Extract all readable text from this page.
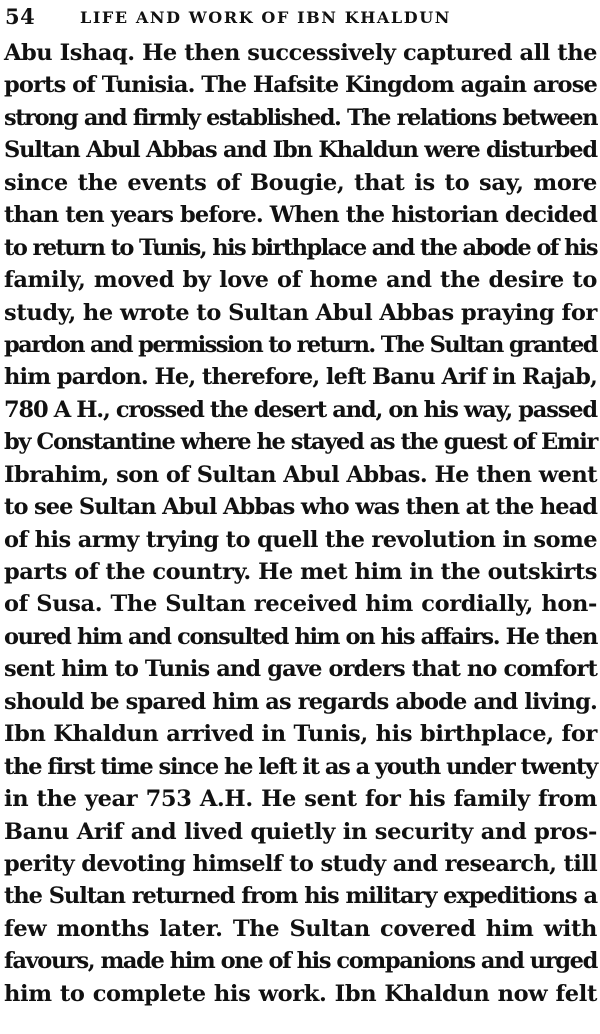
54	LIFE AND WORK OF IBN KHALDUN
Abu Ishaq. He then successively captured all the
ports of Tunisia. The Hafsite Kingdom again arose
strong and firmly established. The relations between
Sultan Abul Abbas and Ibn Khaldun were disturbed
since the events of Bougie, that is to say, more
than ten years before. When the historian decided
to return to Tunis, his birthplace and the abode of his
family, moved by love of home and the desire to
study, he wrote to Sultan Abul Abbas praying for
pardon and permission to return. The Sultan granted
him pardon. He, therefore, left Banu Arif in Rajab,
780 A H., crossed the desert and, on his way, passed
by Constantine where he stayed as the guest of Emir
Ibrahim, son of Sultan Abul Abbas. He then went
to see Sultan Abul Abbas who was then at the head
of his army trying to quell the revolution in some
parts of the country. He met him in the outskirts
of Susa. The Sultan received him cordially, hon-
oured him and consulted him on his affairs. He then
sent him to Tunis and gave orders that no comfort
should be spared him as regards abode and living.
Ibn Khaldun arrived in Tunis, his birthplace, for
the first time since he left it as a youth under twenty
in the year 753 A.H. He sent for his family from
Banu Arif and lived quietly in security and pros-
perity devoting himself to study and research, till
the Sultan returned from his military expeditions a
few months later. The Sultan covered him with
favours, made him one of his companions and urged
him to complete his work. Ibn Khaldun now felt
